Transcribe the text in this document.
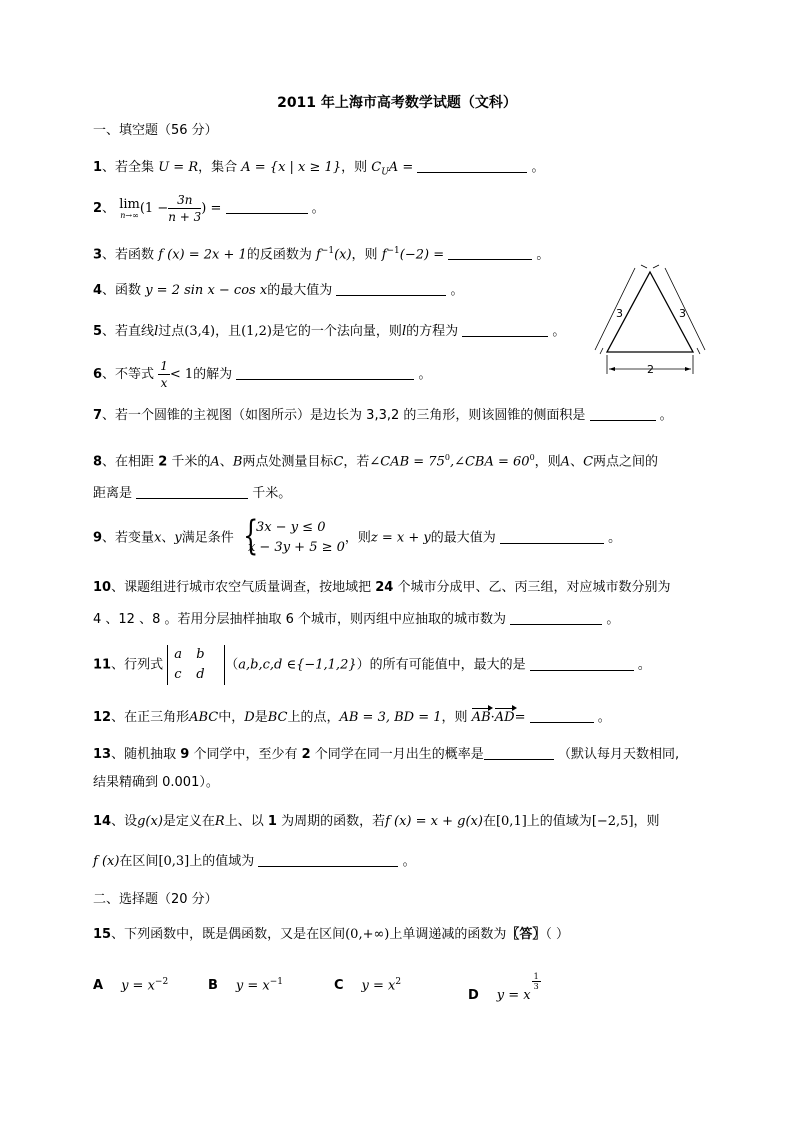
2011 年上海市高考数学试题（文科）
一、填空题（56 分）
1、若全集 U = R，集合 A = {x | x ≥ 1}，则 $C_UA$ =	。
2、 lim
n→∞ ($1 - \frac{3n}{n + 3}$ ) =	。
3、若函数 f (x) = 2x + 1的反函数为 $f^{-1}(x)$，则 $f^{-1}(-2)$ =	。
4、函数 y = 2 sin x − cos x的最大值为	。
5、若直线l过点(3,4)，且(1,2)是它的一个法向量，则l的方程为	。
6、不等式 $\frac{1}{x} < 1$的解为	。
3	3
2
7、若一个圆锥的主视图（如图所示）是边长为 3,3,2 的三角形，则该圆锥的侧面积是	。
8、在相距 2 千米的A、B两点处测量目标C，若∠CAB = $75^0,\angle CBA = 60^0$，则A、C两点之间的
距离是	千米。
9、若变量x、y满足条件 {
3x − y ≤ 0
x − 3y + 5 ≥ 0
，则z = x + y的最大值为	。
10、课题组进行城市农空气质量调查，按地域把 24 个城市分成甲、乙、丙三组，对应城市数分别为
4 、12 、8 。若用分层抽样抽取 6 个城市，则丙组中应抽取的城市数为	。
11、行列式
a b
c d
（a,b,c,d ∈{−1,1,2}）的所有可能值中，最大的是	。
12、在正三角形ABC中，D是BC上的点，AB = 3, BD = 1，则 AB·AD=	。
13、随机抽取 9 个同学中，至少有 2 个同学在同一月出生的概率是	（默认每月天数相同,
结果精确到 0.001）。
14、设g(x)是定义在R上、以 1 为周期的函数，若f (x) = x + g(x)在[0,1]上的值域为[−2,5]，则
f (x)在区间[0,3]上的值域为	。
二、选择题（20 分）
15、下列函数中，既是偶函数，又是在区间(0,+∞)上单调递减的函数为〖答〗（ ）
A $y = x^{-2}$	B $y = x^{-1}$	C $y = x^2$
D y = x
$\frac{1}{3}$
